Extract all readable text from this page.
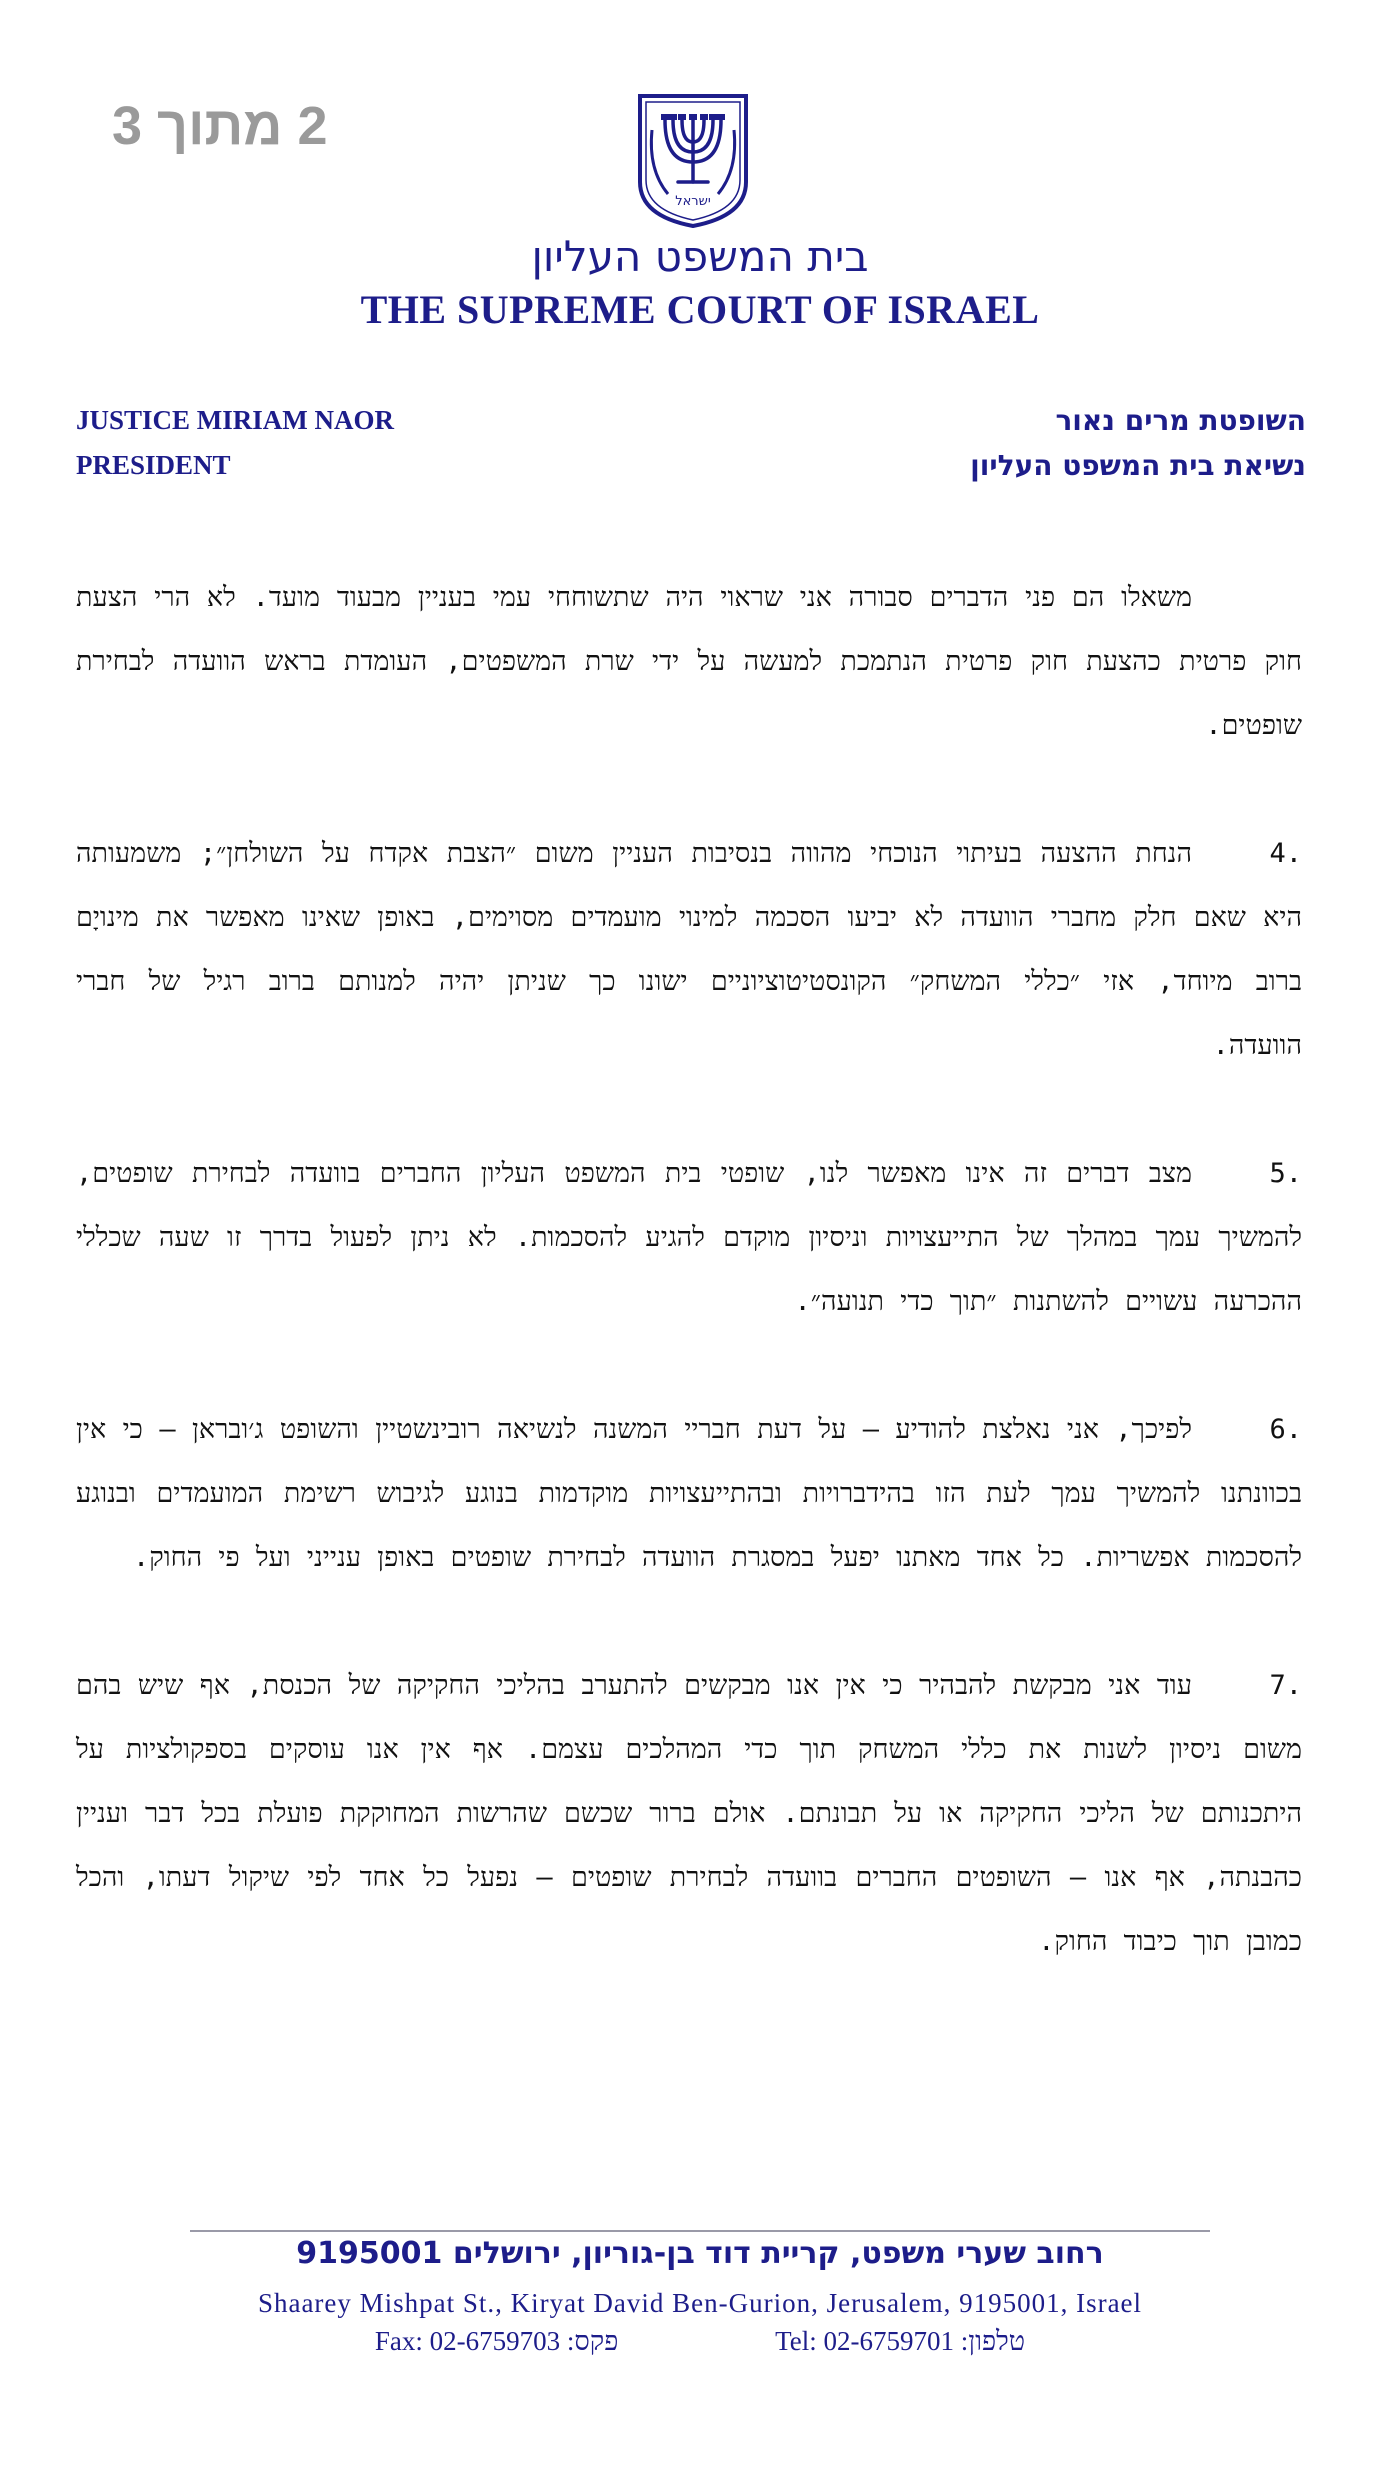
2 מתוך 3
ישראל
בית המשפט העליון
THE SUPREME COURT OF ISRAEL
JUSTICE MIRIAM NAOR
PRESIDENT
השופטת מרים נאור
נשיאת בית המשפט העליון

משאלו הם פני הדברים סבורה אני שראוי היה שתשוחחי עמי בעניין מבעוד מועד. לא הרי הצעת חוק פרטית כהצעת חוק פרטית הנתמכת למעשה על ידי שרת המשפטים, העומדת בראש הוועדה לבחירת שופטים.

.4הנחת ההצעה בעיתוי הנוכחי מהווה בנסיבות העניין משום ״הצבת אקדח על השולחן״; משמעותה היא שאם חלק מחברי הוועדה לא יביעו הסכמה למינוי מועמדים מסוימים, באופן שאינו מאפשר את מינויָם ברוב מיוחד, אזי ״כללי המשחק״ הקונסטיטוציוניים ישונו כך שניתן יהיה למנותם ברוב רגיל של חברי הוועדה.

.5מצב דברים זה אינו מאפשר לנו, שופטי בית המשפט העליון החברים בוועדה לבחירת שופטים, להמשיך עמך במהלך של התייעצויות וניסיון מוקדם להגיע להסכמות. לא ניתן לפעול בדרך זו שעה שכללי ההכרעה עשויים להשתנות ״תוך כדי תנועה״.

.6לפיכך, אני נאלצת להודיע – על דעת חבריי המשנה לנשיאה רובינשטיין והשופט ג׳ובראן – כי אין בכוונתנו להמשיך עמך לעת הזו בהידברויות ובהתייעצויות מוקדמות בנוגע לגיבוש רשימת המועמדים ובנוגע להסכמות אפשריות. כל אחד מאתנו יפעל במסגרת הוועדה לבחירת שופטים באופן ענייני ועל פי החוק.

.7עוד אני מבקשת להבהיר כי אין אנו מבקשים להתערב בהליכי החקיקה של הכנסת, אף שיש בהם משום ניסיון לשנות את כללי המשחק תוך כדי המהלכים עצמם. אף אין אנו עוסקים בספקולציות על היתכנותם של הליכי החקיקה או על תבונתם. אולם ברור שכשם שהרשות המחוקקת פועלת בכל דבר ועניין כהבנתה, אף אנו – השופטים החברים בוועדה לבחירת שופטים – נפעל כל אחד לפי שיקול דעתו, והכל כמובן תוך כיבוד החוק.

רחוב שערי משפט, קריית דוד בן-גוריון, ירושלים 9195001
Shaarey Mishpat St., Kiryat David Ben-Gurion, Jerusalem, 9195001, Israel
Fax: 02-6759703 :פקס	Tel: 02-6759701 :טלפון
